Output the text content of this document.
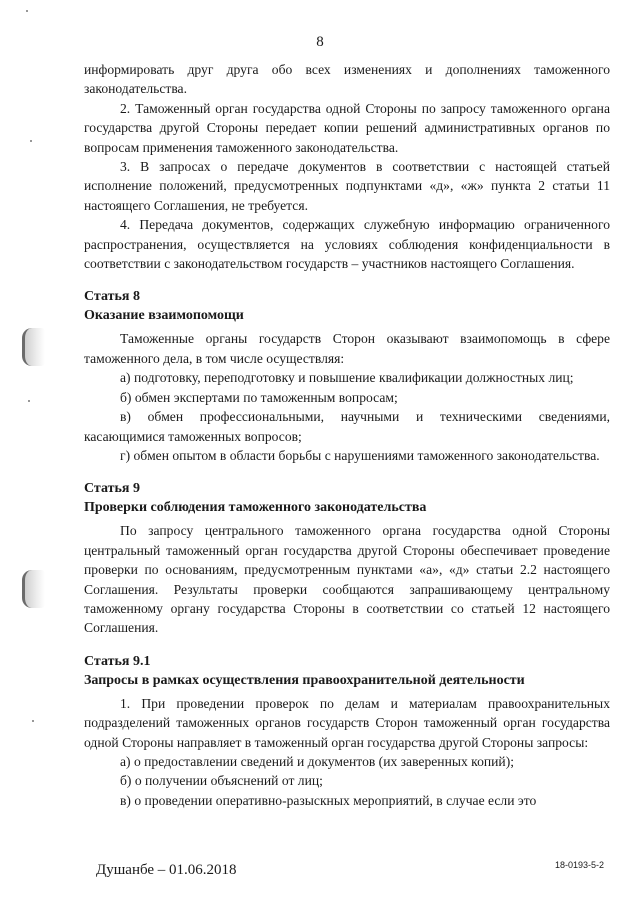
8

информировать друг друга обо всех изменениях и дополнениях таможенного законодательства.

2. Таможенный орган государства одной Стороны по запросу таможенного органа государства другой Стороны передает копии решений административных органов по вопросам применения таможенного законодательства.

3. В запросах о передаче документов в соответствии с настоящей статьей исполнение положений, предусмотренных подпунктами «д», «ж» пункта 2 статьи 11 настоящего Соглашения, не требуется.

4. Передача документов, содержащих служебную информацию ограниченного распространения, осуществляется на условиях соблюдения конфиденциальности в соответствии с законодательством государств – участников настоящего Соглашения.

Статья 8

Оказание взаимопомощи

Таможенные органы государств Сторон оказывают взаимопомощь в сфере таможенного дела, в том числе осуществляя:

а) подготовку, переподготовку и повышение квалификации должностных лиц;

б) обмен экспертами по таможенным вопросам;

в) обмен профессиональными, научными и техническими сведениями, касающимися таможенных вопросов;

г) обмен опытом в области борьбы с нарушениями таможенного законодательства.

Статья 9

Проверки соблюдения таможенного законодательства

По запросу центрального таможенного органа государства одной Стороны центральный таможенный орган государства другой Стороны обеспечивает проведение проверки по основаниям, предусмотренным пунктами «а», «д» статьи 2.2 настоящего Соглашения. Результаты проверки сообщаются запрашивающему центральному таможенному органу государства Стороны в соответствии со статьей 12 настоящего Соглашения.

Статья 9.1

Запросы в рамках осуществления правоохранительной деятельности

1. При проведении проверок по делам и материалам правоохранительных подразделений таможенных органов государств Сторон таможенный орган государства одной Стороны направляет в таможенный орган государства другой Стороны запросы:

а) о предоставлении сведений и документов (их заверенных копий);

б) о получении объяснений от лиц;

в) о проведении оперативно-разыскных мероприятий, в случае если это

Душанбе – 01.06.2018	18-0193-5-2
